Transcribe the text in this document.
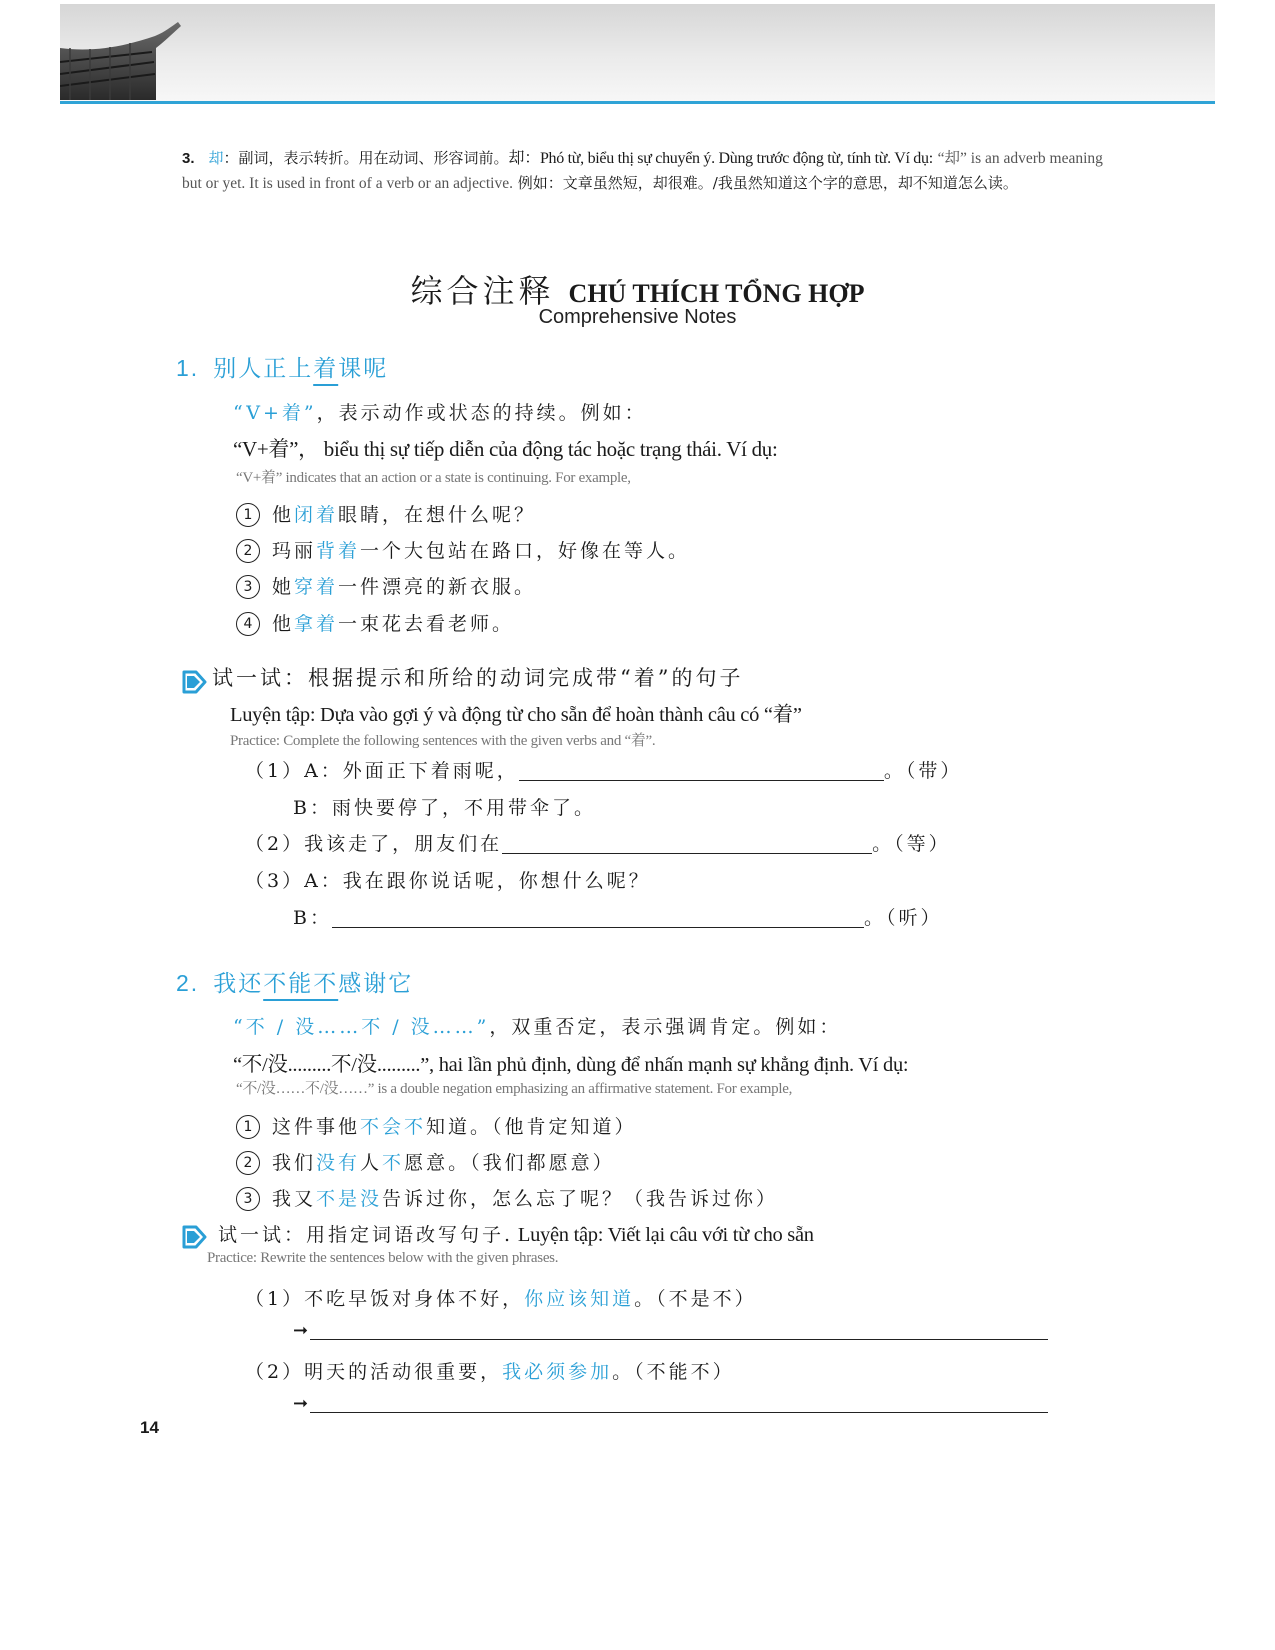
3. 却：副词，表示转折。用在动词、形容词前。却：Phó từ, biểu thị sự chuyển ý. Dùng trước động từ, tính từ. Ví dụ: “却” is an adverb meaning but or yet. It is used in front of a verb or an adjective. 例如：文章虽然短，却很难。/我虽然知道这个字的意思，却不知道怎么读。
综合注释 CHÚ THÍCH TỔNG HỢP
Comprehensive Notes
1. 别人正上着课呢
“V+着”，表示动作或状态的持续。例如：
“V+着”， biểu thị sự tiếp diễn của động tác hoặc trạng thái. Ví dụ:
“V+着” indicates that an action or a state is continuing. For example,
1 他闭着眼睛，在想什么呢？
2 玛丽背着一个大包站在路口，好像在等人。
3 她穿着一件漂亮的新衣服。
4 他拿着一束花去看老师。
试一试：根据提示和所给的动词完成带“着”的句子
Luyện tập: Dựa vào gợi ý và động từ cho sẵn để hoàn thành câu có “着”
Practice: Complete the following sentences with the given verbs and “着”.
（1）A：外面正下着雨呢，	。（带）
B：雨快要停了，不用带伞了。
（2）我该走了，朋友们在	。（等）
（3）A：我在跟你说话呢，你想什么呢？
B：	。（听）
2. 我还不能不感谢它
“不 / 没……不 / 没……”，双重否定，表示强调肯定。例如：
“不/没.........不/没.........”, hai lần phủ định, dùng để nhấn mạnh sự khẳng định. Ví dụ:
“不/没……不/没……” is a double negation emphasizing an affirmative statement. For example,
1 这件事他不会不知道。（他肯定知道）
2 我们没有人不愿意。（我们都愿意）
3 我又不是没告诉过你，怎么忘了呢？（我告诉过你）
试一试：用指定词语改写句子. Luyện tập: Viết lại câu với từ cho sẵn
Practice: Rewrite the sentences below with the given phrases.
（1）不吃早饭对身体不好，你应该知道。（不是不）
➞
（2）明天的活动很重要，我必须参加。（不能不）
➞
14
